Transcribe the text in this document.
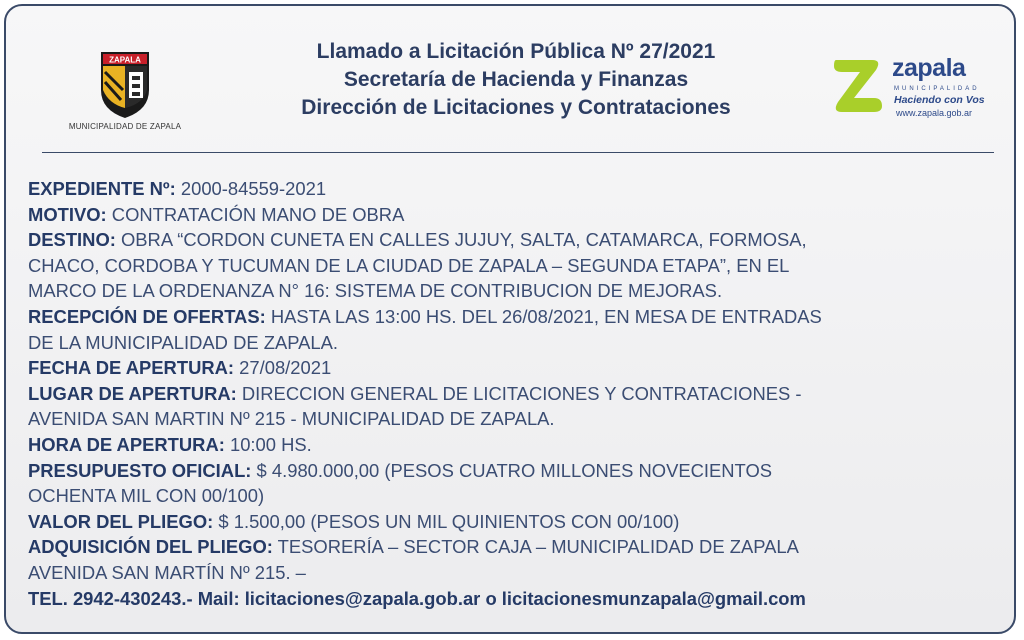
ZAPALA
MUNICIPALIDAD DE ZAPALA
Llamado a Licitación Pública Nº 27/2021
Secretaría de Hacienda y Finanzas
Dirección de Licitaciones y Contrataciones
zapala
MUNICIPALIDAD
Haciendo con Vos
www.zapala.gob.ar
EXPEDIENTE Nº: 2000-84559-2021
MOTIVO: CONTRATACIÓN MANO DE OBRA
DESTINO: OBRA “CORDON CUNETA EN CALLES JUJUY, SALTA, CATAMARCA, FORMOSA,
CHACO, CORDOBA Y TUCUMAN DE LA CIUDAD DE ZAPALA – SEGUNDA ETAPA”, EN EL
MARCO DE LA ORDENANZA N° 16: SISTEMA DE CONTRIBUCION DE MEJORAS.
RECEPCIÓN DE OFERTAS: HASTA LAS 13:00 HS. DEL 26/08/2021, EN MESA DE ENTRADAS
DE LA MUNICIPALIDAD DE ZAPALA.
FECHA DE APERTURA: 27/08/2021
LUGAR DE APERTURA: DIRECCION GENERAL DE LICITACIONES Y CONTRATACIONES -
AVENIDA SAN MARTIN Nº 215 - MUNICIPALIDAD DE ZAPALA.
HORA DE APERTURA: 10:00 HS.
PRESUPUESTO OFICIAL: $ 4.980.000,00 (PESOS CUATRO MILLONES NOVECIENTOS
OCHENTA MIL CON 00/100)
VALOR DEL PLIEGO: $ 1.500,00 (PESOS UN MIL QUINIENTOS CON 00/100)
ADQUISICIÓN DEL PLIEGO: TESORERÍA – SECTOR CAJA – MUNICIPALIDAD DE ZAPALA
AVENIDA SAN MARTÍN Nº 215. –
TEL. 2942-430243.- Mail: licitaciones@zapala.gob.ar o licitacionesmunzapala@gmail.com
